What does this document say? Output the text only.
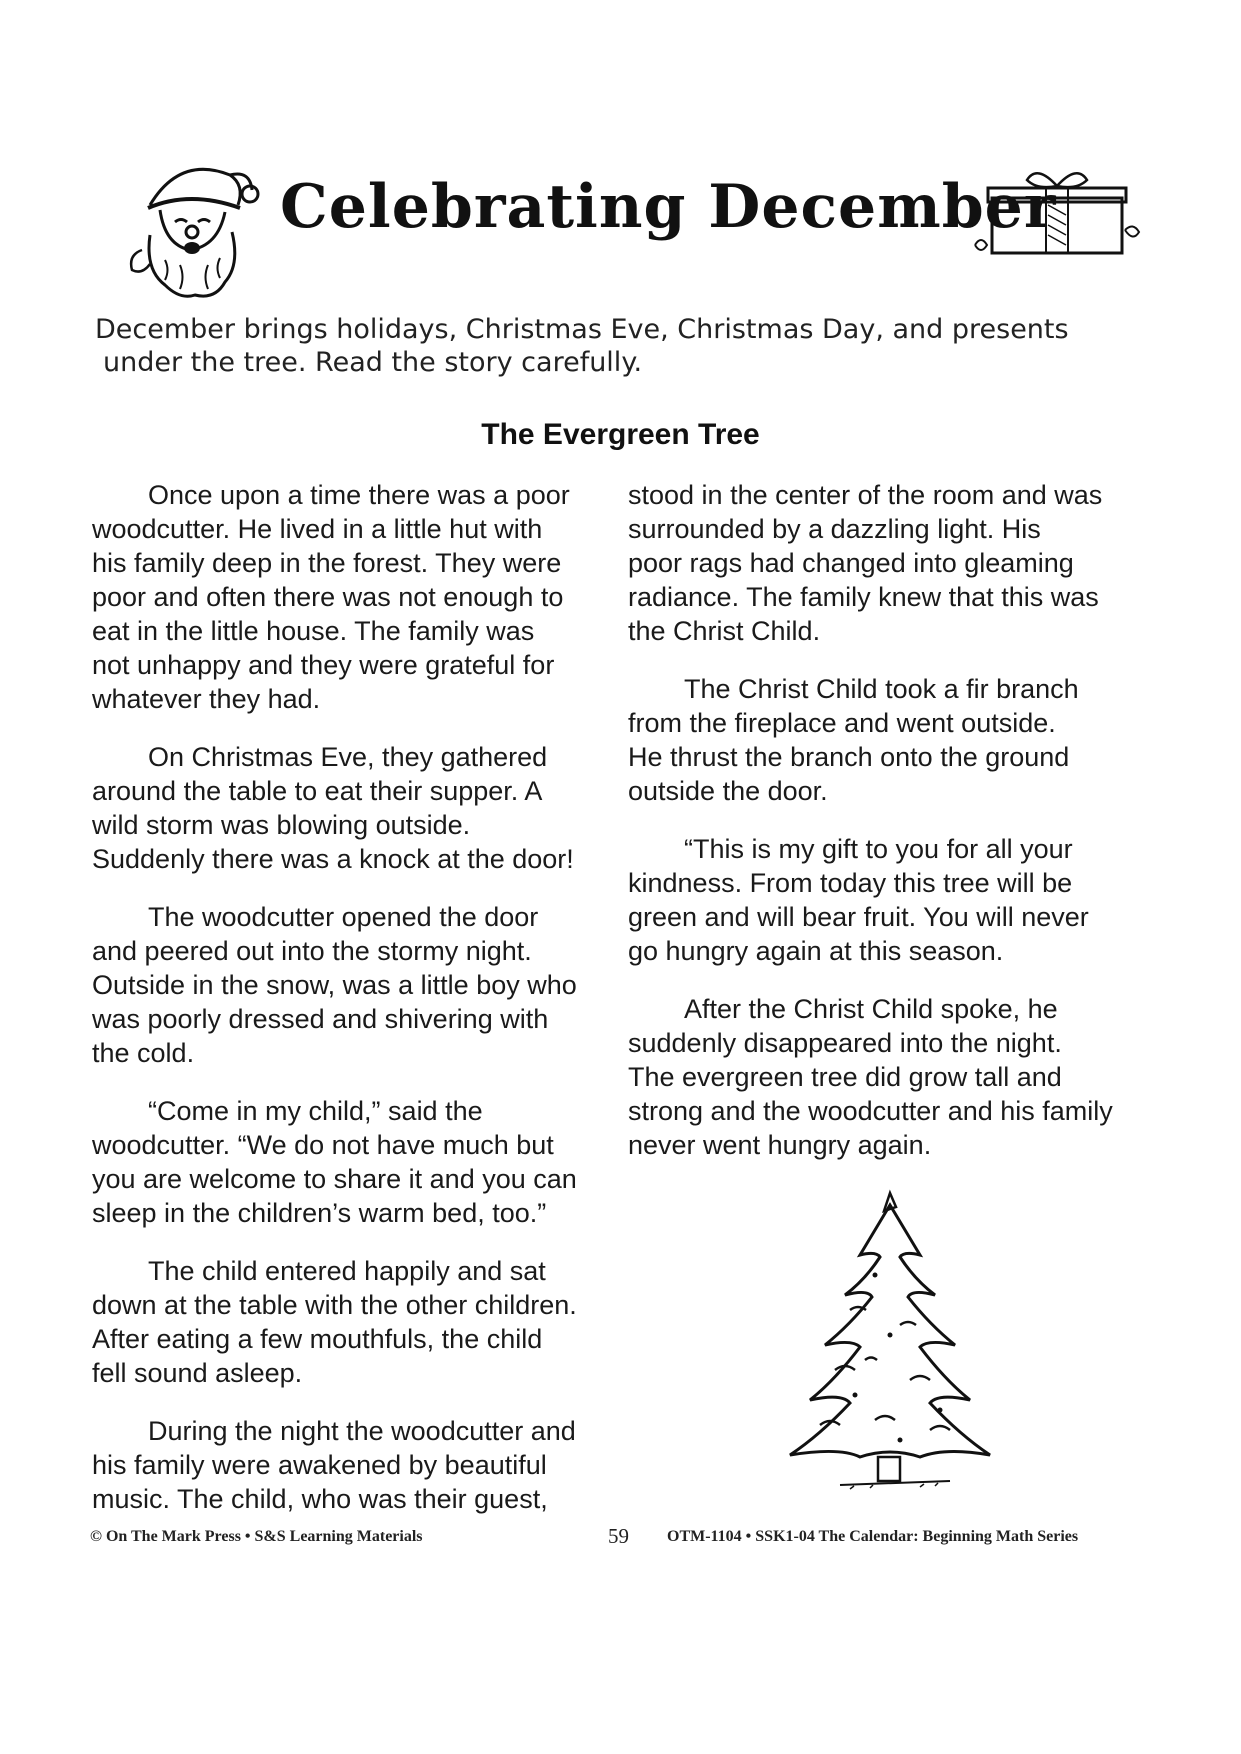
Celebrating December
December brings holidays, Christmas Eve, Christmas Day, and presents
under the tree. Read the story carefully.
The Evergreen Tree
Once upon a time there was a poor
woodcutter. He lived in a little hut with
his family deep in the forest. They were
poor and often there was not enough to
eat in the little house. The family was
not unhappy and they were grateful for
whatever they had.
On Christmas Eve, they gathered
around the table to eat their supper. A
wild storm was blowing outside.
Suddenly there was a knock at the door!
The woodcutter opened the door
and peered out into the stormy night.
Outside in the snow, was a little boy who
was poorly dressed and shivering with
the cold.
“Come in my child,” said the
woodcutter. “We do not have much but
you are welcome to share it and you can
sleep in the children’s warm bed, too.”
The child entered happily and sat
down at the table with the other children.
After eating a few mouthfuls, the child
fell sound asleep.
During the night the woodcutter and
his family were awakened by beautiful
music. The child, who was their guest,
stood in the center of the room and was
surrounded by a dazzling light. His
poor rags had changed into gleaming
radiance. The family knew that this was
the Christ Child.
The Christ Child took a fir branch
from the fireplace and went outside.
He thrust the branch onto the ground
outside the door.
“This is my gift to you for all your
kindness. From today this tree will be
green and will bear fruit. You will never
go hungry again at this season.
After the Christ Child spoke, he
suddenly disappeared into the night.
The evergreen tree did grow tall and
strong and the woodcutter and his family
never went hungry again.
© On The Mark Press • S&S Learning Materials	59 OTM-1104 • SSK1-04 The Calendar: Beginning Math Series
